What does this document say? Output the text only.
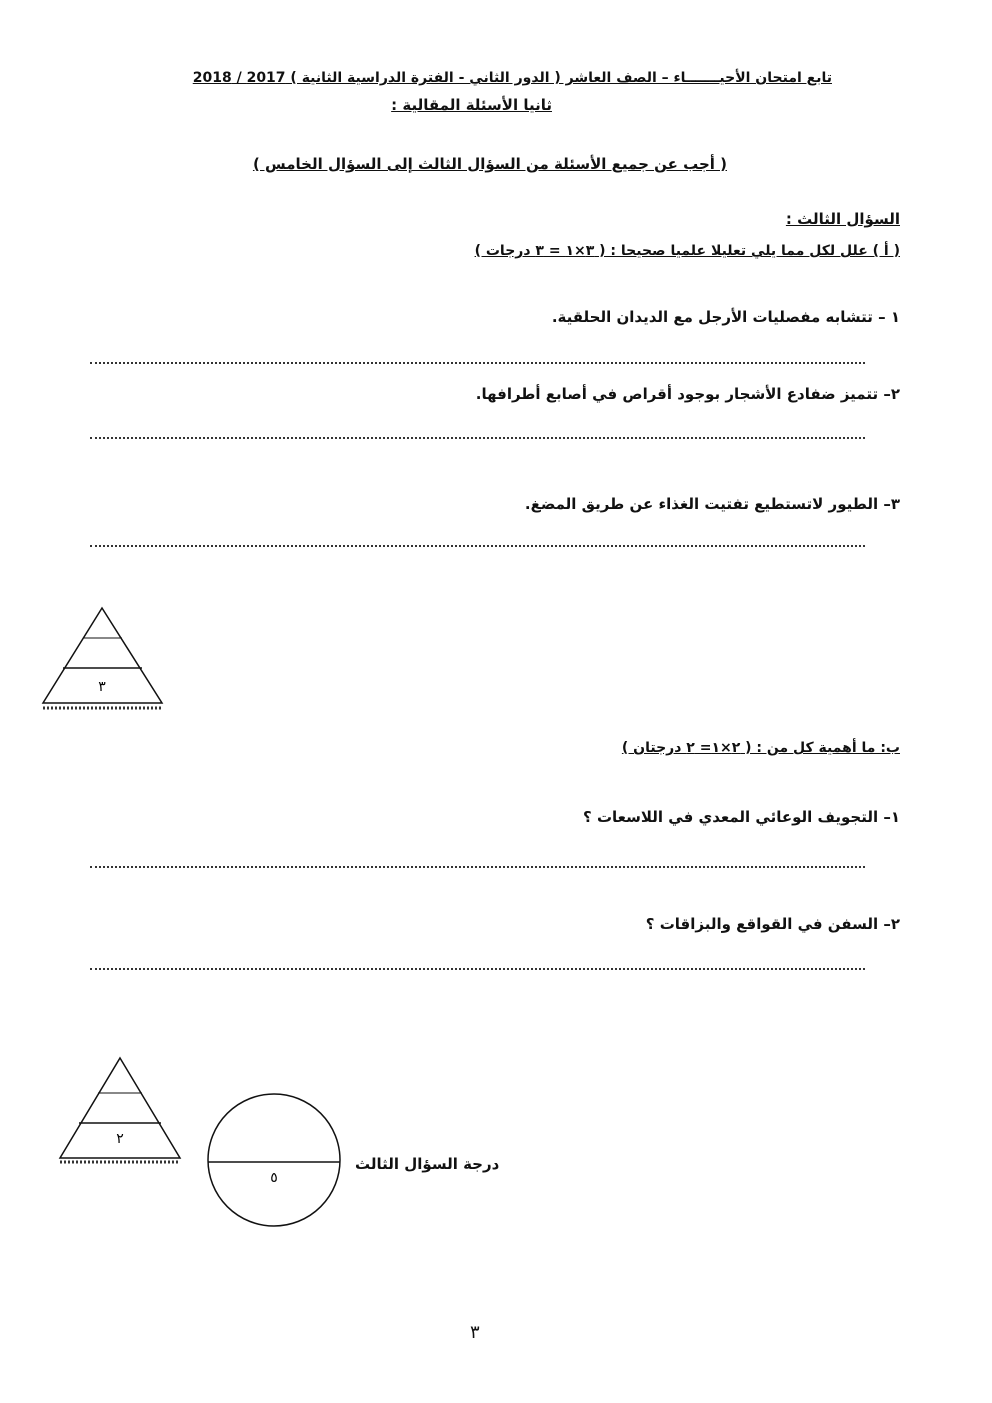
تابع امتحان الأحيـــــــاء – الصف العاشر ( الدور الثاني - الفترة الدراسية الثانية ) 2017 / 2018
ثانيا الأسئلة المقالية :
( أجب عن جميع الأسئلة من السؤال الثالث إلى السؤال الخامس )
السؤال الثالث :
( أ ) علل لكل مما يلي تعليلا علميا صحيحا : ( ٣×١ = ٣ درجات )
١ – تتشابه مفصليات الأرجل مع الديدان الحلقية.
٢– تتميز ضفادع الأشجار بوجود أقراص في أصابع أطرافها.
٣– الطيور لاتستطيع تفتيت الغذاء عن طريق المضغ.
٣
ب: ما أهمية كل من : ( ٢×١= ٢ درجتان )
١– التجويف الوعائي المعدي في اللاسعات ؟
٢– السفن في القواقع والبزاقات ؟
٢
٥
درجة السؤال الثالث
٣
